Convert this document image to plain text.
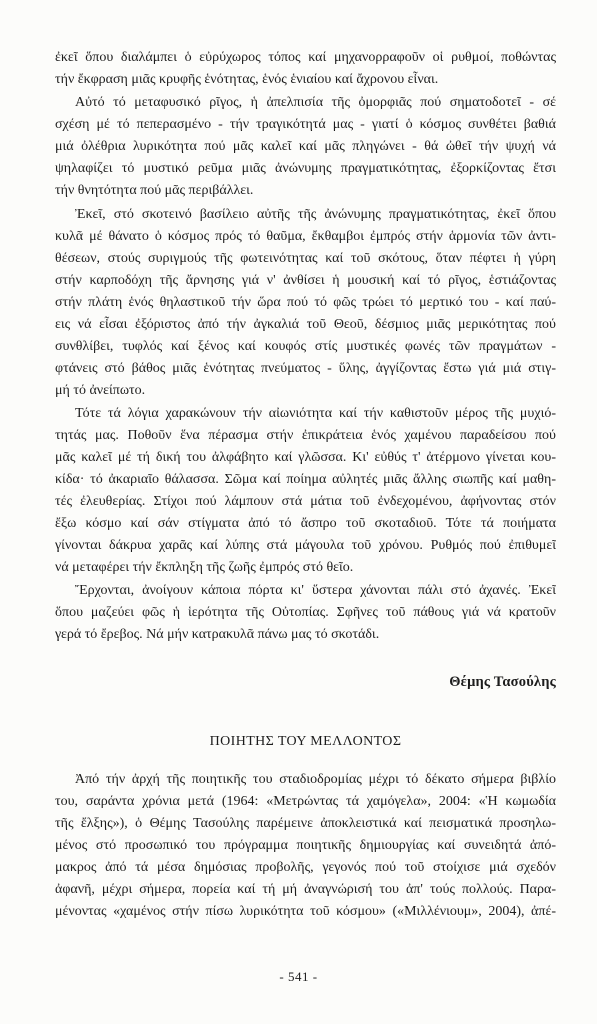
ἐκεῖ ὅπου διαλάμπει ὁ εὐρύχωρος τόπος καί μηχανορραφοῦν οἱ ρυθμοί, ποθώντας
τήν ἔκφραση μιᾶς κρυφῆς ἑνότητας, ἑνός ἑνιαίου καί ἄχρονου εἶναι.
Αὐτό τό μεταφυσικό ρῖγος, ἡ ἀπελπισία τῆς ὀμορφιᾶς πού σηματοδοτεῖ - σέ
σχέση μέ τό πεπερασμένο - τήν τραγικότητά μας - γιατί ὁ κόσμος συνθέτει βαθιά
μιά ὀλέθρια λυρικότητα πού μᾶς καλεῖ καί μᾶς πληγώνει - θά ὠθεῖ τήν ψυχή νά
ψηλαφίζει τό μυστικό ρεῦμα μιᾶς ἀνώνυμης πραγματικότητας, ἐξορκίζοντας ἔτσι
τήν θνητότητα πού μᾶς περιβάλλει.
Ἐκεῖ, στό σκοτεινό βασίλειο αὐτῆς τῆς ἀνώνυμης πραγματικότητας, ἐκεῖ ὅπου
κυλᾶ μέ θάνατο ὁ κόσμος πρός τό θαῦμα, ἔκθαμβοι ἐμπρός στήν ἁρμονία τῶν ἀντι-
θέσεων, στούς συριγμούς τῆς φωτεινότητας καί τοῦ σκότους, ὅταν πέφτει ἡ γύρη
στήν καρποδόχη τῆς ἄρνησης γιά ν' ἀνθίσει ἡ μουσική καί τό ρῖγος, ἑστιάζοντας
στήν πλάτη ἑνός θηλαστικοῦ τήν ὥρα πού τό φῶς τρώει τό μερτικό του - καί παύ-
εις νά εἶσαι ἐξόριστος ἀπό τήν ἀγκαλιά τοῦ Θεοῦ, δέσμιος μιᾶς μερικότητας πού
συνθλίβει, τυφλός καί ξένος καί κουφός στίς μυστικές φωνές τῶν πραγμάτων -
φτάνεις στό βάθος μιᾶς ἑνότητας πνεύματος - ὕλης, ἀγγίζοντας ἔστω γιά μιά στιγ-
μή τό ἀνείπωτο.
Τότε τά λόγια χαρακώνουν τήν αἰωνιότητα καί τήν καθιστοῦν μέρος τῆς μυχιό-
τητάς μας. Ποθοῦν ἕνα πέρασμα στήν ἐπικράτεια ἑνός χαμένου παραδείσου πού
μᾶς καλεῖ μέ τή δική του ἀλφάβητο καί γλῶσσα. Κι' εὐθύς τ' ἀτέρμονο γίνεται κου-
κίδα· τό ἀκαριαῖο θάλασσα. Σῶμα καί ποίημα αὐλητές μιᾶς ἄλλης σιωπῆς καί μαθη-
τές ἐλευθερίας. Στίχοι πού λάμπουν στά μάτια τοῦ ἐνδεχομένου, ἀφήνοντας στόν
ἔξω κόσμο καί σάν στίγματα ἀπό τό ἄσπρο τοῦ σκοταδιοῦ. Τότε τά ποιήματα
γίνονται δάκρυα χαρᾶς καί λύπης στά μάγουλα τοῦ χρόνου. Ρυθμός πού ἐπιθυμεῖ
νά μεταφέρει τήν ἔκπληξη τῆς ζωῆς ἐμπρός στό θεῖο.
Ἔρχονται, ἀνοίγουν κάποια πόρτα κι' ὕστερα χάνονται πάλι στό ἀχανές. Ἐκεῖ
ὅπου μαζεύει φῶς ἡ ἱερότητα τῆς Οὐτοπίας. Σφῆνες τοῦ πάθους γιά νά κρατοῦν
γερά τό ἔρεβος. Νά μήν κατρακυλᾶ πάνω μας τό σκοτάδι.
Θέμης Τασούλης
ΠΟΙΗΤΗΣ ΤΟΥ ΜΕΛΛΟΝΤΟΣ
Ἀπό τήν ἀρχή τῆς ποιητικῆς του σταδιοδρομίας μέχρι τό δέκατο σήμερα βιβλίο
του, σαράντα χρόνια μετά (1964: «Μετρώντας τά χαμόγελα», 2004: «Ἡ κωμωδία
τῆς ἔλξης»), ὁ Θέμης Τασούλης παρέμεινε ἀποκλειστικά καί πεισματικά προσηλω-
μένος στό προσωπικό του πρόγραμμα ποιητικῆς δημιουργίας καί συνειδητά ἀπό-
μακρος ἀπό τά μέσα δημόσιας προβολῆς, γεγονός πού τοῦ στοίχισε μιά σχεδόν
ἀφανῆ, μέχρι σήμερα, πορεία καί τή μή ἀναγνώρισή του ἀπ' τούς πολλούς. Παρα-
μένοντας «χαμένος στήν πίσω λυρικότητα τοῦ κόσμου» («Μιλλένιουμ», 2004), ἀπέ-
- 541 -
